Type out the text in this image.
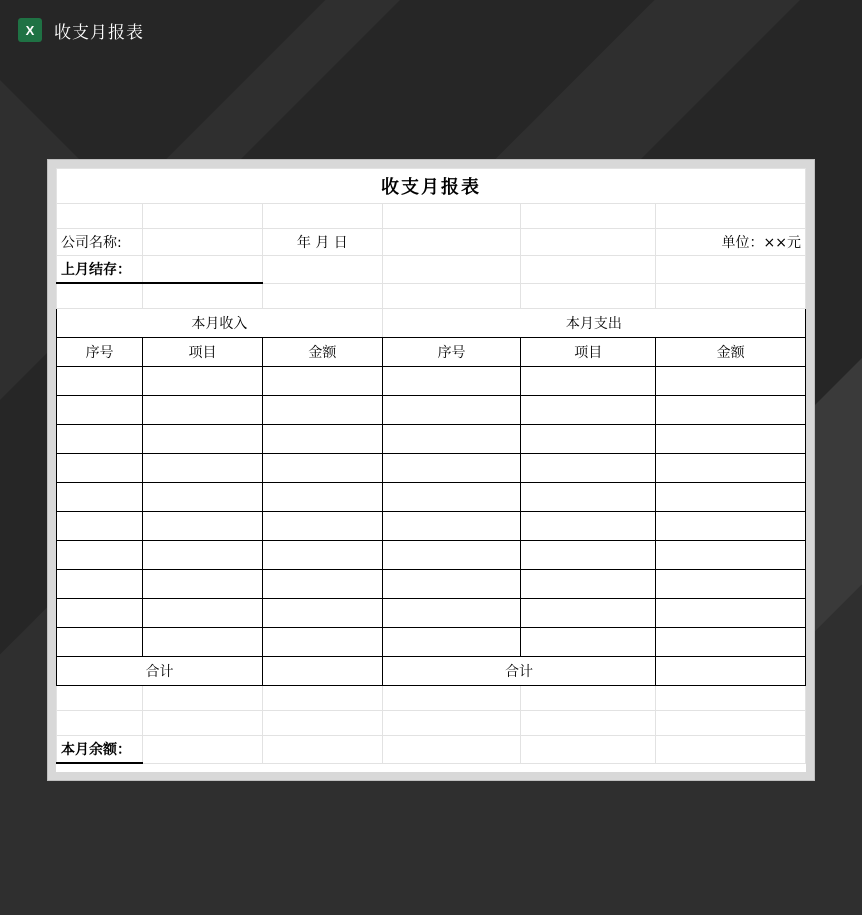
X 收支月报表
收支月报表					

公司名称:		年 月 日			单位：××元
上月结存：					

本月收入			本月支出		
序号	项目	金额	序号	项目	金额

合计			合计		

本月余额：					
